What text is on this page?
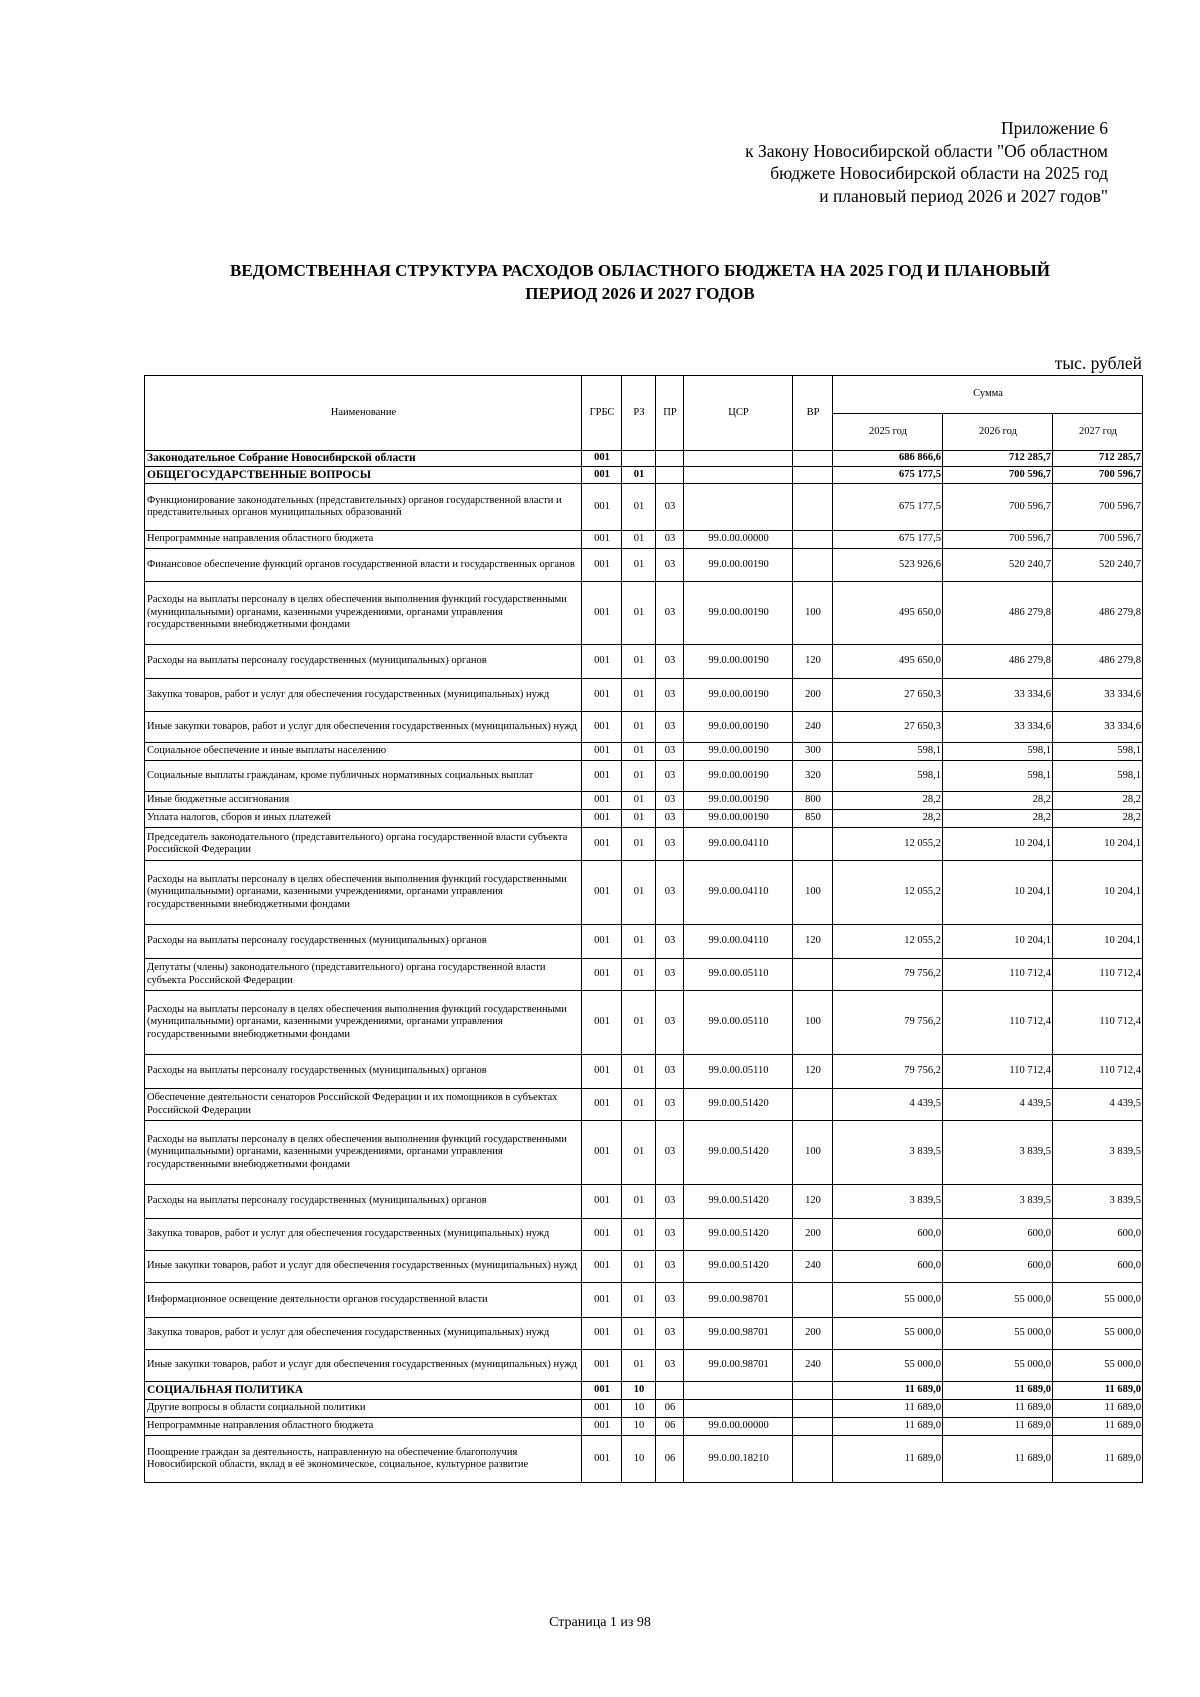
Приложение 6
к Закону Новосибирской области "Об областном
бюджете Новосибирской области на 2025 год
и плановый период 2026 и 2027 годов"
ВЕДОМСТВЕННАЯ СТРУКТУРА РАСХОДОВ ОБЛАСТНОГО БЮДЖЕТА НА 2025 ГОД И ПЛАНОВЫЙ
ПЕРИОД 2026 И 2027 ГОДОВ
тыс. рублей
Наименование	ГРБС	РЗ	ПР	ЦСР	ВР	Сумма		
						2025 год	2026 год	2027 год
Законодательное Собрание Новосибирской области	001					686 866,6	712 285,7	712 285,7
ОБЩЕГОСУДАРСТВЕННЫЕ ВОПРОСЫ	001	01				675 177,5	700 596,7	700 596,7
Функционирование законодательных (представительных) органов государственной власти и представительных органов муниципальных образований	001	01	03			675 177,5	700 596,7	700 596,7
Непрограммные направления областного бюджета	001	01	03	99.0.00.00000		675 177,5	700 596,7	700 596,7
Финансовое обеспечение функций органов государственной власти и государственных органов	001	01	03	99.0.00.00190		523 926,6	520 240,7	520 240,7
Расходы на выплаты персоналу в целях обеспечения выполнения функций государственными (муниципальными) органами, казенными учреждениями, органами управления государственными внебюджетными фондами	001	01	03	99.0.00.00190	100	495 650,0	486 279,8	486 279,8
Расходы на выплаты персоналу государственных (муниципальных) органов	001	01	03	99.0.00.00190	120	495 650,0	486 279,8	486 279,8
Закупка товаров, работ и услуг для обеспечения государственных (муниципальных) нужд	001	01	03	99.0.00.00190	200	27 650,3	33 334,6	33 334,6
Иные закупки товаров, работ и услуг для обеспечения государственных (муниципальных) нужд	001	01	03	99.0.00.00190	240	27 650,3	33 334,6	33 334,6
Социальное обеспечение и иные выплаты населению	001	01	03	99.0.00.00190	300	598,1	598,1	598,1
Социальные выплаты гражданам, кроме публичных нормативных социальных выплат	001	01	03	99.0.00.00190	320	598,1	598,1	598,1
Иные бюджетные ассигнования	001	01	03	99.0.00.00190	800	28,2	28,2	28,2
Уплата налогов, сборов и иных платежей	001	01	03	99.0.00.00190	850	28,2	28,2	28,2
Председатель законодательного (представительного) органа государственной власти субъекта Российской Федерации	001	01	03	99.0.00.04110		12 055,2	10 204,1	10 204,1
Расходы на выплаты персоналу в целях обеспечения выполнения функций государственными (муниципальными) органами, казенными учреждениями, органами управления государственными внебюджетными фондами	001	01	03	99.0.00.04110	100	12 055,2	10 204,1	10 204,1
Расходы на выплаты персоналу государственных (муниципальных) органов	001	01	03	99.0.00.04110	120	12 055,2	10 204,1	10 204,1
Депутаты (члены) законодательного (представительного) органа государственной власти субъекта Российской Федерации	001	01	03	99.0.00.05110		79 756,2	110 712,4	110 712,4
Расходы на выплаты персоналу в целях обеспечения выполнения функций государственными (муниципальными) органами, казенными учреждениями, органами управления государственными внебюджетными фондами	001	01	03	99.0.00.05110	100	79 756,2	110 712,4	110 712,4
Расходы на выплаты персоналу государственных (муниципальных) органов	001	01	03	99.0.00.05110	120	79 756,2	110 712,4	110 712,4
Обеспечение деятельности сенаторов Российской Федерации и их помощников в субъектах Российской Федерации	001	01	03	99.0.00.51420		4 439,5	4 439,5	4 439,5
Расходы на выплаты персоналу в целях обеспечения выполнения функций государственными (муниципальными) органами, казенными учреждениями, органами управления государственными внебюджетными фондами	001	01	03	99.0.00.51420	100	3 839,5	3 839,5	3 839,5
Расходы на выплаты персоналу государственных (муниципальных) органов	001	01	03	99.0.00.51420	120	3 839,5	3 839,5	3 839,5
Закупка товаров, работ и услуг для обеспечения государственных (муниципальных) нужд	001	01	03	99.0.00.51420	200	600,0	600,0	600,0
Иные закупки товаров, работ и услуг для обеспечения государственных (муниципальных) нужд	001	01	03	99.0.00.51420	240	600,0	600,0	600,0
Информационное освещение деятельности органов государственной власти	001	01	03	99.0.00.98701		55 000,0	55 000,0	55 000,0
Закупка товаров, работ и услуг для обеспечения государственных (муниципальных) нужд	001	01	03	99.0.00.98701	200	55 000,0	55 000,0	55 000,0
Иные закупки товаров, работ и услуг для обеспечения государственных (муниципальных) нужд	001	01	03	99.0.00.98701	240	55 000,0	55 000,0	55 000,0
СОЦИАЛЬНАЯ ПОЛИТИКА	001	10				11 689,0	11 689,0	11 689,0
Другие вопросы в области социальной политики	001	10	06			11 689,0	11 689,0	11 689,0
Непрограммные направления областного бюджета	001	10	06	99.0.00.00000		11 689,0	11 689,0	11 689,0
Поощрение граждан за деятельность, направленную на обеспечение благополучия Новосибирской области, вклад в её экономическое, социальное, культурное развитие	001	10	06	99.0.00.18210		11 689,0	11 689,0	11 689,0
Страница 1 из 98
